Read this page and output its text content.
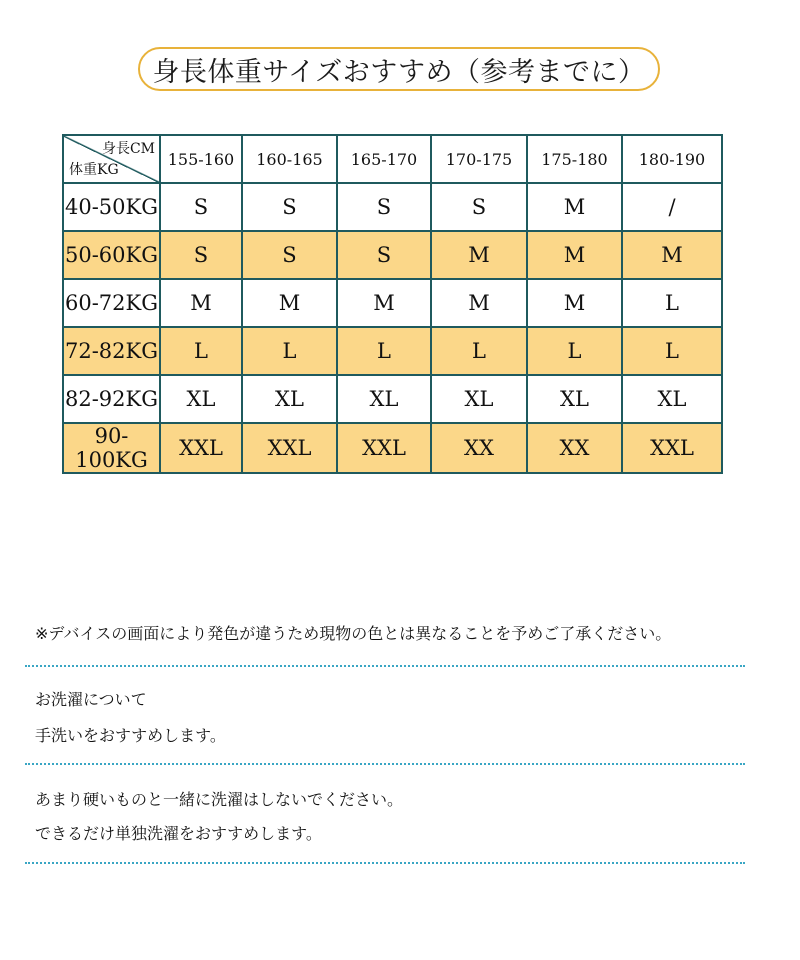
身長体重サイズおすすめ（参考までに）
身長CM
体重KG	155-160	160-165	165-170	170-175	175-180	180-190
40-50KG	S	S	S	S	M	/
50-60KG	S	S	S	M	M	M
60-72KG	M	M	M	M	M	L
72-82KG	L	L	L	L	L	L
82-92KG	XL	XL	XL	XL	XL	XL
90-100KG	XXL	XXL	XXL	XX	XX	XXL
※デバイスの画面により発色が違うため現物の色とは異なることを予めご了承ください。
お洗濯について
手洗いをおすすめします。
あまり硬いものと一緒に洗濯はしないでください。
できるだけ単独洗濯をおすすめします。
